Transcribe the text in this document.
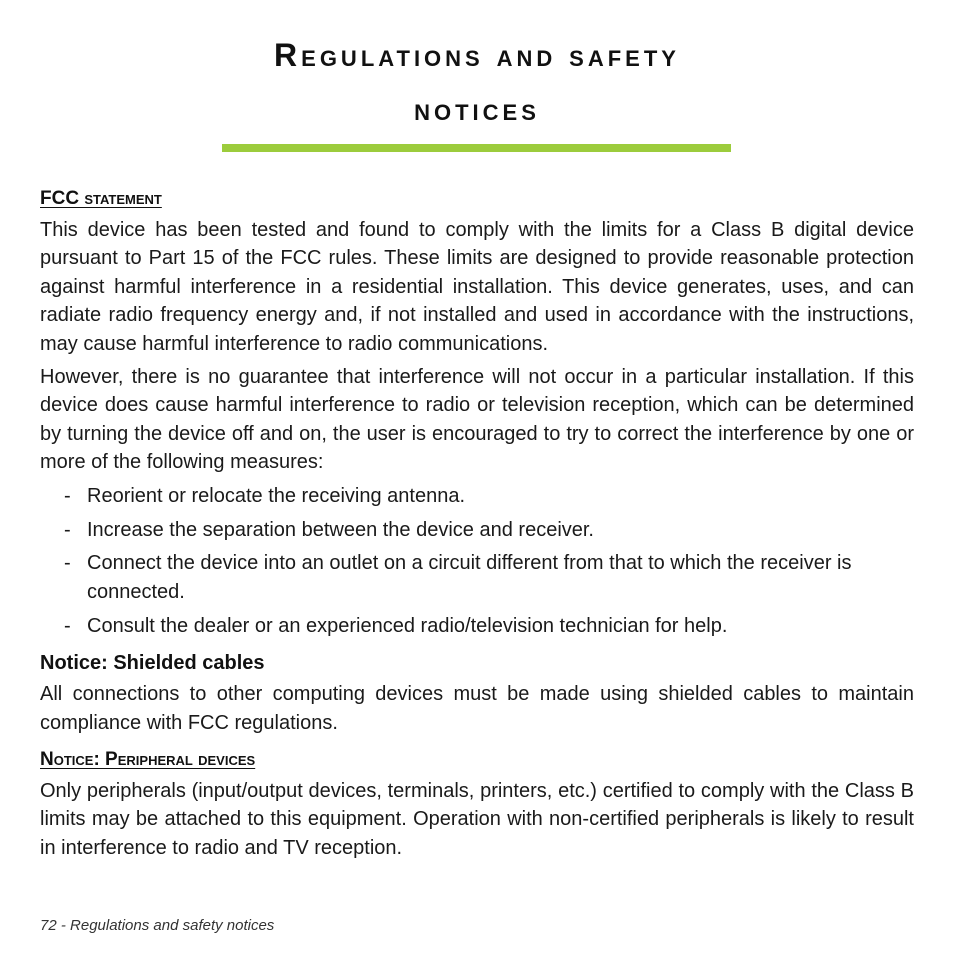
Regulations and safety
notices
FCC statement

This device has been tested and found to comply with the limits for a Class B digital device pursuant to Part 15 of the FCC rules. These limits are designed to provide reasonable protection against harmful interference in a residential installation. This device generates, uses, and can radiate radio frequency energy and, if not installed and used in accordance with the instructions, may cause harmful interference to radio communications.

However, there is no guarantee that interference will not occur in a particular installation. If this device does cause harmful interference to radio or television reception, which can be determined by turning the device off and on, the user is encouraged to try to correct the interference by one or more of the following measures:

- Reorient or relocate the receiving antenna.
- Increase the separation between the device and receiver.
- Connect the device into an outlet on a circuit different from that to which the receiver is connected.
- Consult the dealer or an experienced radio/television technician for help.
Notice: Shielded cables

All connections to other computing devices must be made using shielded cables to maintain compliance with FCC regulations.

Notice: Peripheral devices

Only peripherals (input/output devices, terminals, printers, etc.) certified to comply with the Class B limits may be attached to this equipment. Operation with non-certified peripherals is likely to result in interference to radio and TV reception.

72 - Regulations and safety notices
